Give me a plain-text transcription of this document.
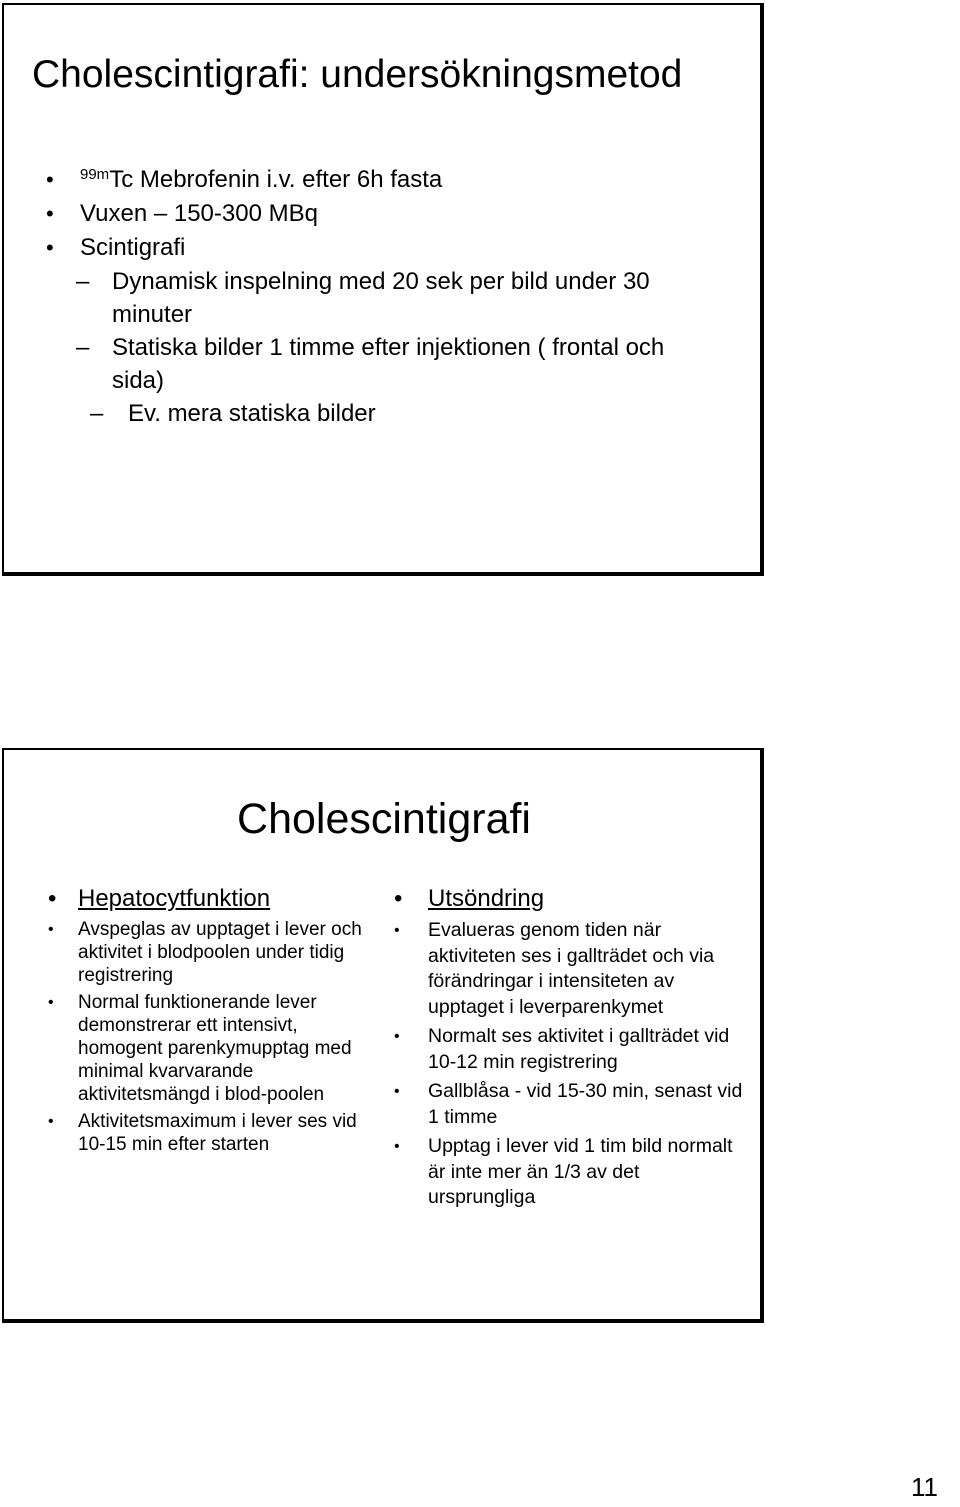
Cholescintigrafi: undersökningsmetod
• $^{99m}$Tc Mebrofenin i.v. efter 6h fasta
• Vuxen – 150-300 MBq
• Scintigrafi
– Dynamisk inspelning med 20 sek per bild under 30 minuter
– Statiska bilder 1 timme efter injektionen ( frontal och sida)
– Ev. mera statiska bilder
Cholescintigrafi
• Hepatocytfunktion
• Avspeglas av upptaget i lever och aktivitet i blodpoolen under tidig registrering
• Normal funktionerande lever demonstrerar ett intensivt, homogent parenkymupptag med minimal kvarvarande aktivitetsmängd i blod-poolen
• Aktivitetsmaximum i lever ses vid 10-15 min efter starten
• Utsöndring
• Evalueras genom tiden när aktiviteten ses i gallträdet och via förändringar i intensiteten av upptaget i leverparenkymet
• Normalt ses aktivitet i gallträdet vid 10-12 min registrering
• Gallblåsa - vid 15-30 min, senast vid 1 timme
• Upptag i lever vid 1 tim bild normalt är inte mer än 1/3 av det ursprungliga
11
